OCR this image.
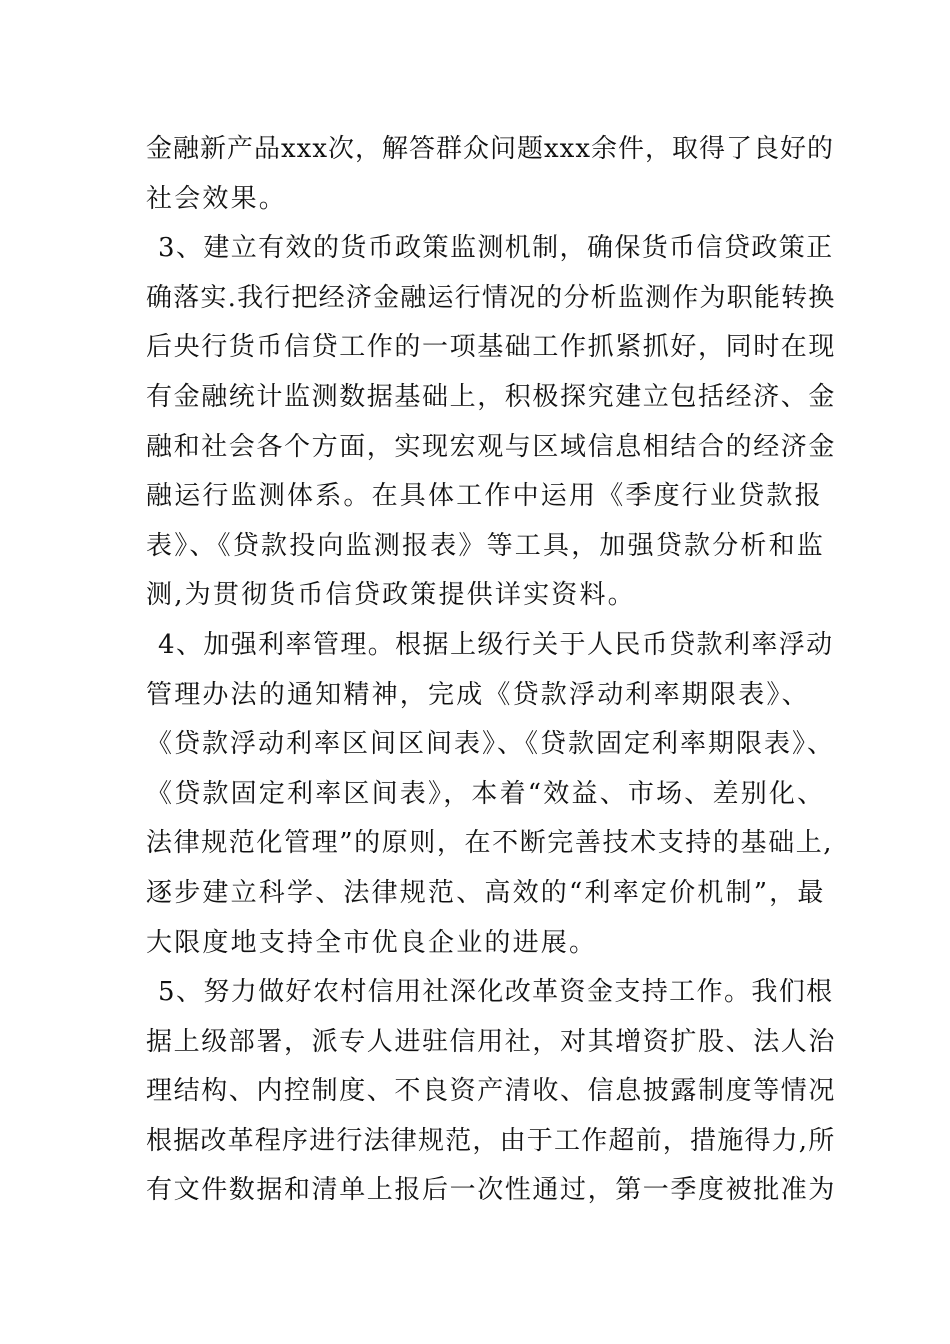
金融新产品xxx次，解答群众问题xxx余件，取得了良好的
社会效果。
3、建立有效的货币政策监测机制，确保货币信贷政策正
确落实.我行把经济金融运行情况的分析监测作为职能转换
后央行货币信贷工作的一项基础工作抓紧抓好，同时在现
有金融统计监测数据基础上，积极探究建立包括经济、金
融和社会各个方面，实现宏观与区域信息相结合的经济金
融运行监测体系。在具体工作中运用《季度行业贷款报
表》、《贷款投向监测报表》等工具，加强贷款分析和监
测,为贯彻货币信贷政策提供详实资料。
4、加强利率管理。根据上级行关于人民币贷款利率浮动
管理办法的通知精神，完成《贷款浮动利率期限表》、
《贷款浮动利率区间区间表》、《贷款固定利率期限表》、
《贷款固定利率区间表》，本着“效益、市场、差别化、
法律规范化管理”的原则，在不断完善技术支持的基础上,
逐步建立科学、法律规范、高效的“利率定价机制”，最
大限度地支持全市优良企业的进展。
5、努力做好农村信用社深化改革资金支持工作。我们根
据上级部署，派专人进驻信用社，对其增资扩股、法人治
理结构、内控制度、不良资产清收、信息披露制度等情况
根据改革程序进行法律规范，由于工作超前，措施得力,所
有文件数据和清单上报后一次性通过，第一季度被批准为
